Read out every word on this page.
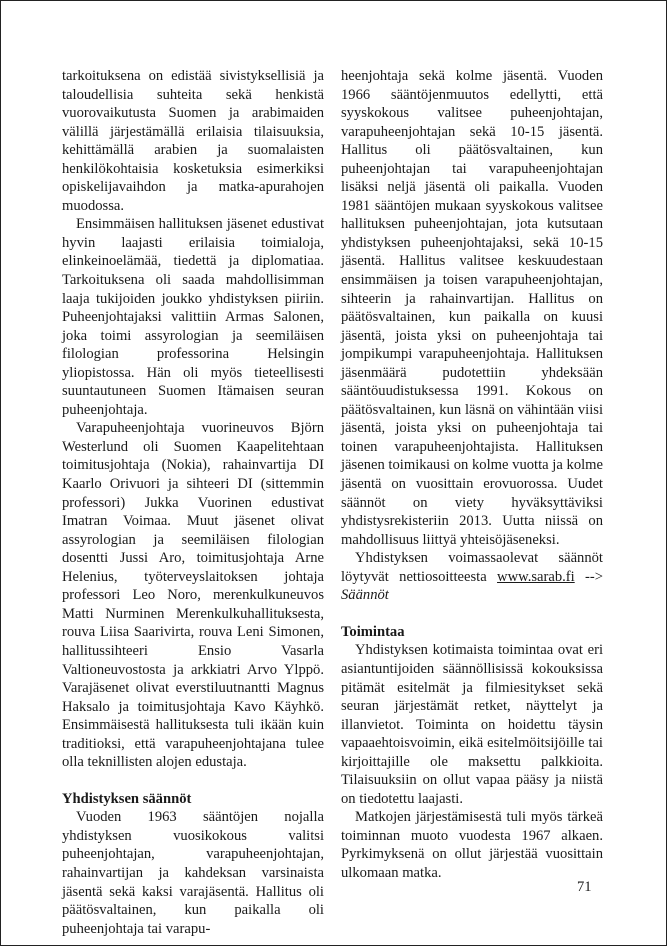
tarkoituksena on edistää sivistyksellisiä ja taloudellisia suhteita sekä henkistä vuorovaikutusta Suomen ja arabimaiden välillä järjestämällä erilaisia tilaisuuksia, kehittämällä arabien ja suomalaisten henkilökohtaisia kosketuksia esimerkiksi opiskelijavaihdon ja matka-apurahojen muodossa.

Ensimmäisen hallituksen jäsenet edustivat hyvin laajasti erilaisia toimialoja, elinkeinoelämää, tiedettä ja diplomatiaa. Tarkoituksena oli saada mahdollisimman laaja tukijoiden joukko yhdistyksen piiriin. Puheenjohtajaksi valittiin Armas Salonen, joka toimi assyrologian ja seemiläisen filologian professorina Helsingin yliopistossa. Hän oli myös tieteellisesti suuntautuneen Suomen Itämaisen seuran puheenjohtaja.

Varapuheenjohtaja vuorineuvos Björn Westerlund oli Suomen Kaapelitehtaan toimitusjohtaja (Nokia), rahainvartija DI Kaarlo Orivuori ja sihteeri DI (sittemmin professori) Jukka Vuorinen edustivat Imatran Voimaa. Muut jäsenet olivat assyrologian ja seemiläisen filologian dosentti Jussi Aro, toimitusjohtaja Arne Helenius, työterveyslaitoksen johtaja professori Leo Noro, merenkulkuneuvos Matti Nurminen Merenkulkuhallituksesta, rouva Liisa Saarivirta, rouva Leni Simonen, hallitussihteeri Ensio Vasarla Valtioneuvostosta ja arkkiatri Arvo Ylppö. Varajäsenet olivat everstiluutnantti Magnus Haksalo ja toimitusjohtaja Kavo Käyhkö. Ensimmäisestä hallituksesta tuli ikään kuin traditioksi, että varapuheenjohtajana tulee olla teknillisten alojen edustaja.

Yhdistyksen säännöt

Vuoden 1963 sääntöjen nojalla yhdistyksen vuosikokous valitsi puheenjohtajan, varapuheenjohtajan, rahainvartijan ja kahdeksan varsinaista jäsentä sekä kaksi varajäsentä. Hallitus oli päätösvaltainen, kun paikalla oli puheenjohtaja tai varapu-

heenjohtaja sekä kolme jäsentä. Vuoden 1966 sääntöjenmuutos edellytti, että syyskokous valitsee puheenjohtajan, varapuheenjohtajan sekä 10-15 jäsentä. Hallitus oli päätösvaltainen, kun puheenjohtajan tai varapuheenjohtajan lisäksi neljä jäsentä oli paikalla. Vuoden 1981 sääntöjen mukaan syyskokous valitsee hallituksen puheenjohtajan, jota kutsutaan yhdistyksen puheenjohtajaksi, sekä 10-15 jäsentä. Hallitus valitsee keskuudestaan ensimmäisen ja toisen varapuheenjohtajan, sihteerin ja rahainvartijan. Hallitus on päätösvaltainen, kun paikalla on kuusi jäsentä, joista yksi on puheenjohtaja tai jompikumpi varapuheenjohtaja. Hallituksen jäsenmäärä pudotettiin yhdeksään sääntöuudistuksessa 1991. Kokous on päätösvaltainen, kun läsnä on vähintään viisi jäsentä, joista yksi on puheenjohtaja tai toinen varapuheenjohtajista. Hallituksen jäsenen toimikausi on kolme vuotta ja kolme jäsentä on vuosittain erovuorossa. Uudet säännöt on viety hyväksyttäviksi yhdistysrekisteriin 2013. Uutta niissä on mahdollisuus liittyä yhteisöjäseneksi.

Yhdistyksen voimassaolevat säännöt löytyvät nettiosoitteesta www.sarab.fi --> Säännöt

Toimintaa

Yhdistyksen kotimaista toimintaa ovat eri asiantuntijoiden säännöllisissä kokouksissa pitämät esitelmät ja filmiesitykset sekä seuran järjestämät retket, näyttelyt ja illanvietot. Toiminta on hoidettu täysin vapaaehtoisvoimin, eikä esitelmöitsijöille tai kirjoittajille ole maksettu palkkioita. Tilaisuuksiin on ollut vapaa pääsy ja niistä on tiedotettu laajasti.

Matkojen järjestämisestä tuli myös tärkeä toiminnan muoto vuodesta 1967 alkaen. Pyrkimyksenä on ollut järjestää vuosittain ulkomaan matka.

71
